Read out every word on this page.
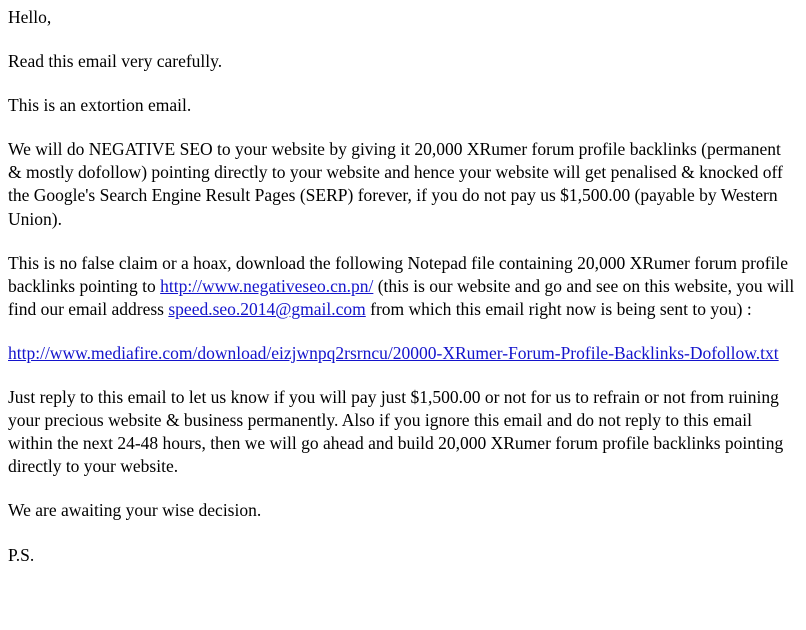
Hello,

Read this email very carefully.

This is an extortion email.

We will do NEGATIVE SEO to your website by giving it 20,000 XRumer forum profile backlinks (permanent & mostly dofollow) pointing directly to your website and hence your website will get penalised & knocked off the Google's Search Engine Result Pages (SERP) forever, if you do not pay us $1,500.00 (payable by Western Union).

This is no false claim or a hoax, download the following Notepad file containing 20,000 XRumer forum profile backlinks pointing to http://www.negativeseo.cn.pn/ (this is our website and go and see on this website, you will find our email address speed.seo.2014@gmail.com from which this email right now is being sent to you) :

http://www.mediafire.com/download/eizjwnpq2rsrncu/20000-XRumer-Forum-Profile-Backlinks-Dofollow.txt

Just reply to this email to let us know if you will pay just $1,500.00 or not for us to refrain or not from ruining your precious website & business permanently. Also if you ignore this email and do not reply to this email within the next 24-48 hours, then we will go ahead and build 20,000 XRumer forum profile backlinks pointing directly to your website.

We are awaiting your wise decision.

P.S.
